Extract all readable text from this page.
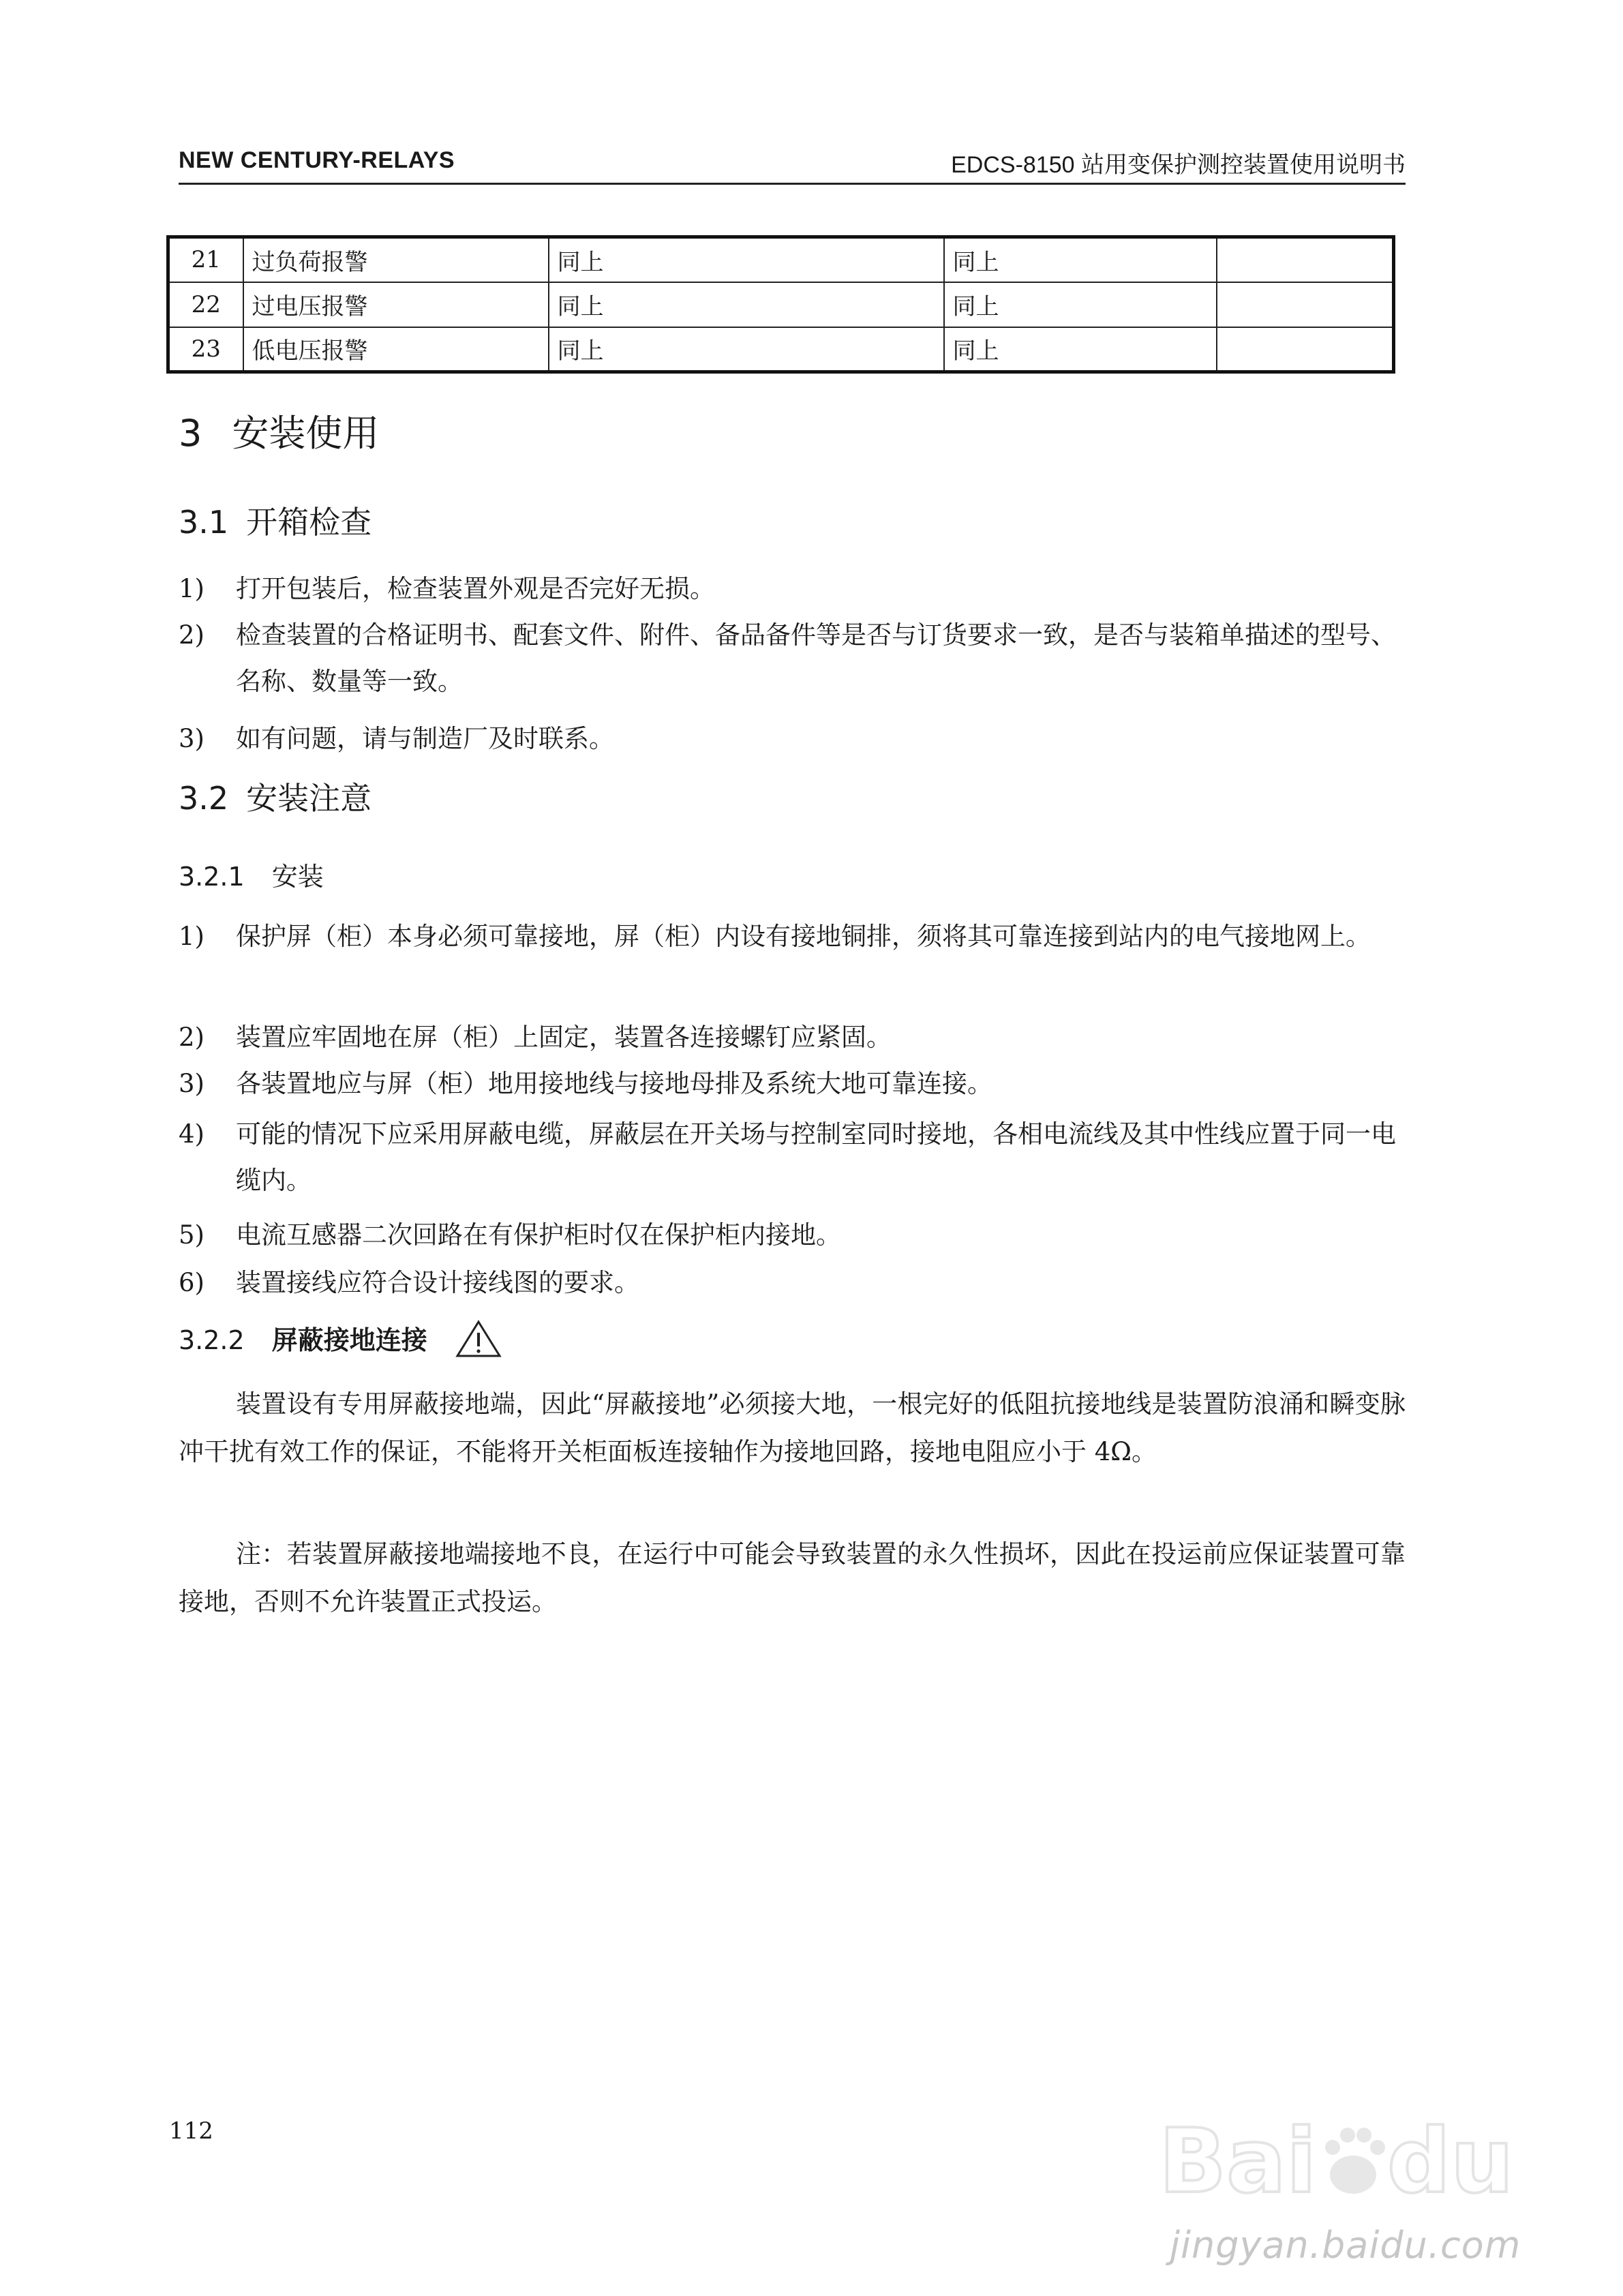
NEW CENTURY-RELAYS	EDCS-8150 站用变保护测控装置使用说明书
21	过负荷报警	同上	同上	
22	过电压报警	同上	同上	
23	低电压报警	同上	同上	
3 安装使用
3.1 开箱检查
1) 打开包装后，检查装置外观是否完好无损。
2) 检查装置的合格证明书、配套文件、附件、备品备件等是否与订货要求一致，是否与装箱单描述的型号、名称、数量等一致。
3) 如有问题，请与制造厂及时联系。
3.2 安装注意
3.2.1 安装
1) 保护屏（柜）本身必须可靠接地，屏（柜）内设有接地铜排，须将其可靠连接到站内的电气接地网上。
2) 装置应牢固地在屏（柜）上固定，装置各连接螺钉应紧固。
3) 各装置地应与屏（柜）地用接地线与接地母排及系统大地可靠连接。
4) 可能的情况下应采用屏蔽电缆，屏蔽层在开关场与控制室同时接地，各相电流线及其中性线应置于同一电缆内。
5) 电流互感器二次回路在有保护柜时仅在保护柜内接地。
6) 装置接线应符合设计接线图的要求。
3.2.2 屏蔽接地连接
装置设有专用屏蔽接地端，因此“屏蔽接地”必须接大地，一根完好的低阻抗接地线是装置防浪涌和瞬变脉冲干扰有效工作的保证，不能将开关柜面板连接轴作为接地回路，接地电阻应小于 4Ω。
注：若装置屏蔽接地端接地不良，在运行中可能会导致装置的永久性损坏，因此在投运前应保证装置可靠接地，否则不允许装置正式投运。
112	Bai du
jingyan.baidu.com
